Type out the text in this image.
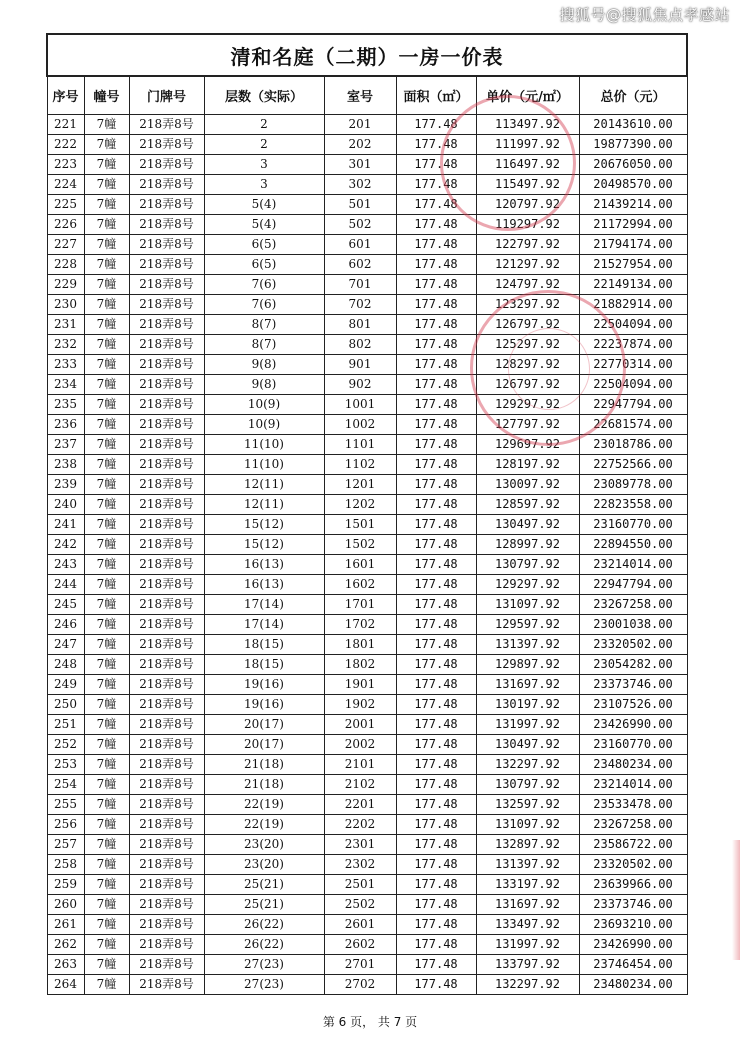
搜狐号@搜狐焦点孝感站
清和名庭（二期）一房一价表							
序号	幢号	门牌号	层数（实际）	室号	面积（㎡）	单价（元/㎡）	总价（元）
221	7幢	218弄8号	2	201	177.48	113497.92	20143610.00
222	7幢	218弄8号	2	202	177.48	111997.92	19877390.00
223	7幢	218弄8号	3	301	177.48	116497.92	20676050.00
224	7幢	218弄8号	3	302	177.48	115497.92	20498570.00
225	7幢	218弄8号	5(4)	501	177.48	120797.92	21439214.00
226	7幢	218弄8号	5(4)	502	177.48	119297.92	21172994.00
227	7幢	218弄8号	6(5)	601	177.48	122797.92	21794174.00
228	7幢	218弄8号	6(5)	602	177.48	121297.92	21527954.00
229	7幢	218弄8号	7(6)	701	177.48	124797.92	22149134.00
230	7幢	218弄8号	7(6)	702	177.48	123297.92	21882914.00
231	7幢	218弄8号	8(7)	801	177.48	126797.92	22504094.00
232	7幢	218弄8号	8(7)	802	177.48	125297.92	22237874.00
233	7幢	218弄8号	9(8)	901	177.48	128297.92	22770314.00
234	7幢	218弄8号	9(8)	902	177.48	126797.92	22504094.00
235	7幢	218弄8号	10(9)	1001	177.48	129297.92	22947794.00
236	7幢	218弄8号	10(9)	1002	177.48	127797.92	22681574.00
237	7幢	218弄8号	11(10)	1101	177.48	129697.92	23018786.00
238	7幢	218弄8号	11(10)	1102	177.48	128197.92	22752566.00
239	7幢	218弄8号	12(11)	1201	177.48	130097.92	23089778.00
240	7幢	218弄8号	12(11)	1202	177.48	128597.92	22823558.00
241	7幢	218弄8号	15(12)	1501	177.48	130497.92	23160770.00
242	7幢	218弄8号	15(12)	1502	177.48	128997.92	22894550.00
243	7幢	218弄8号	16(13)	1601	177.48	130797.92	23214014.00
244	7幢	218弄8号	16(13)	1602	177.48	129297.92	22947794.00
245	7幢	218弄8号	17(14)	1701	177.48	131097.92	23267258.00
246	7幢	218弄8号	17(14)	1702	177.48	129597.92	23001038.00
247	7幢	218弄8号	18(15)	1801	177.48	131397.92	23320502.00
248	7幢	218弄8号	18(15)	1802	177.48	129897.92	23054282.00
249	7幢	218弄8号	19(16)	1901	177.48	131697.92	23373746.00
250	7幢	218弄8号	19(16)	1902	177.48	130197.92	23107526.00
251	7幢	218弄8号	20(17)	2001	177.48	131997.92	23426990.00
252	7幢	218弄8号	20(17)	2002	177.48	130497.92	23160770.00
253	7幢	218弄8号	21(18)	2101	177.48	132297.92	23480234.00
254	7幢	218弄8号	21(18)	2102	177.48	130797.92	23214014.00
255	7幢	218弄8号	22(19)	2201	177.48	132597.92	23533478.00
256	7幢	218弄8号	22(19)	2202	177.48	131097.92	23267258.00
257	7幢	218弄8号	23(20)	2301	177.48	132897.92	23586722.00
258	7幢	218弄8号	23(20)	2302	177.48	131397.92	23320502.00
259	7幢	218弄8号	25(21)	2501	177.48	133197.92	23639966.00
260	7幢	218弄8号	25(21)	2502	177.48	131697.92	23373746.00
261	7幢	218弄8号	26(22)	2601	177.48	133497.92	23693210.00
262	7幢	218弄8号	26(22)	2602	177.48	131997.92	23426990.00
263	7幢	218弄8号	27(23)	2701	177.48	133797.92	23746454.00
264	7幢	218弄8号	27(23)	2702	177.48	132297.92	23480234.00
第 6 页， 共 7 页
